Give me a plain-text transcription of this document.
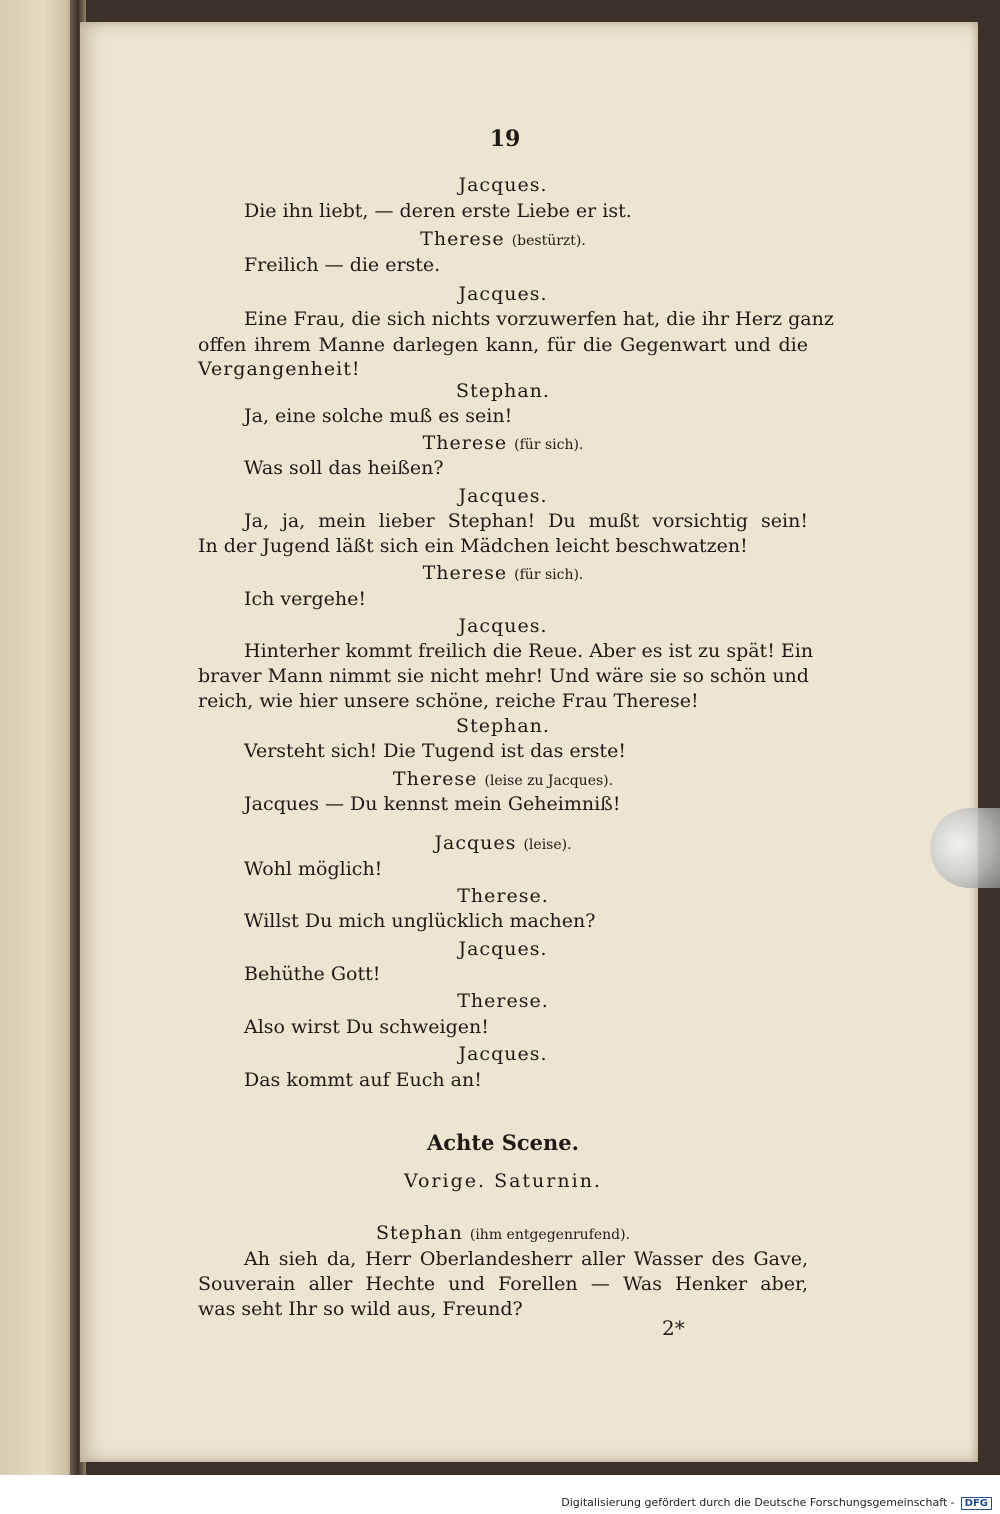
19
Jacques.
Die ihn liebt, — deren erste Liebe er ist.
Therese (bestürzt).
Freilich — die erste.
Jacques.
Eine Frau, die sich nichts vorzuwerfen hat, die ihr Herz ganz
offen ihrem Manne darlegen kann, für die Gegenwart und die
Vergangenheit!
Stephan.
Ja, eine solche muß es sein!
Therese (für sich).
Was soll das heißen?
Jacques.
Ja, ja, mein lieber Stephan! Du mußt vorsichtig sein!
In der Jugend läßt sich ein Mädchen leicht beschwatzen!
Therese (für sich).
Ich vergehe!
Jacques.
Hinterher kommt freilich die Reue. Aber es ist zu spät! Ein
braver Mann nimmt sie nicht mehr! Und wäre sie so schön und
reich, wie hier unsere schöne, reiche Frau Therese!
Stephan.
Versteht sich! Die Tugend ist das erste!
Therese (leise zu Jacques).
Jacques — Du kennst mein Geheimniß!
Jacques (leise).
Wohl möglich!
Therese.
Willst Du mich unglücklich machen?
Jacques.
Behüthe Gott!
Therese.
Also wirst Du schweigen!
Jacques.
Das kommt auf Euch an!
Achte Scene.
Vorige. Saturnin.
Stephan (ihm entgegenrufend).
Ah sieh da, Herr Oberlandesherr aller Wasser des Gave,
Souverain aller Hechte und Forellen — Was Henker aber,
was seht Ihr so wild aus, Freund?
2*
Digitalisierung gefördert durch die Deutsche Forschungsgemeinschaft - DFG
